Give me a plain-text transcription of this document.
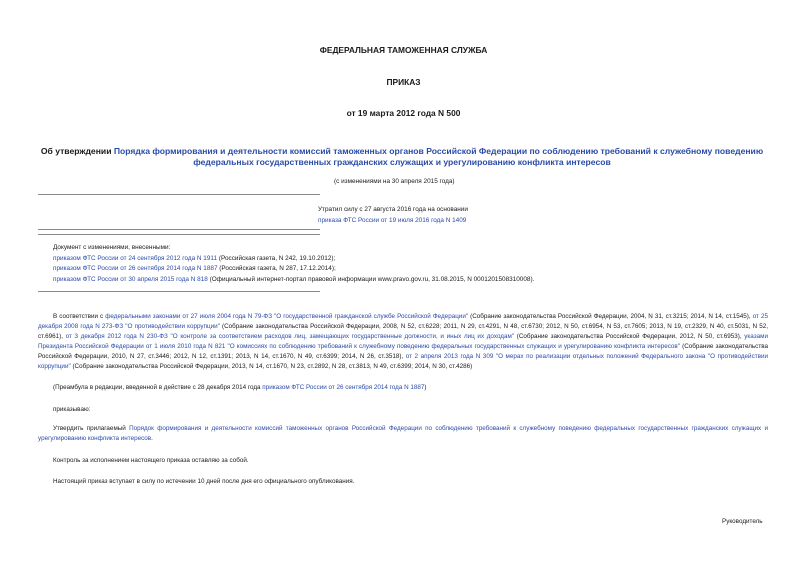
ФЕДЕРАЛЬНАЯ ТАМОЖЕННАЯ СЛУЖБА
ПРИКАЗ
от 19 марта 2012 года N 500
Об утверждении Порядка формирования и деятельности комиссий таможенных органов Российской Федерации по соблюдению требований к служебному поведению федеральных государственных гражданских служащих и урегулированию конфликта интересов
(с изменениями на 30 апреля 2015 года)
Утратил силу с 27 августа 2016 года на основании
приказа ФТС России от 19 июля 2016 года N 1409
Документ с изменениями, внесенными:
приказом ФТС России от 24 сентября 2012 года N 1911 (Российская газета, N 242, 19.10.2012);
приказом ФТС России от 26 сентября 2014 года N 1887 (Российская газета, N 287, 17.12.2014);
приказом ФТС России от 30 апреля 2015 года N 818 (Официальный интернет-портал правовой информации www.pravo.gov.ru, 31.08.2015, N 0001201508310008).

В соответствии с федеральными законами от 27 июля 2004 года N 79-ФЗ "О государственной гражданской службе Российской Федерации" (Собрание законодательства Российской Федерации, 2004, N 31, ст.3215; 2014, N 14, ст.1545), от 25 декабря 2008 года N 273-ФЗ "О противодействии коррупции" (Собрание законодательства Российской Федерации, 2008, N 52, ст.6228; 2011, N 29, ст.4291, N 48, ст.6730; 2012, N 50, ст.6954, N 53, ст.7605; 2013, N 19, ст.2329, N 40, ст.5031, N 52, ст.6961), от 3 декабря 2012 года N 230-ФЗ "О контроле за соответствием расходов лиц, замещающих государственные должности, и иных лиц их доходам" (Собрание законодательства Российской Федерации, 2012, N 50, ст.6953), указами Президента Российской Федерации от 1 июля 2010 года N 821 "О комиссиях по соблюдению требований к служебному поведению федеральных государственных служащих и урегулированию конфликта интересов" (Собрание законодательства Российской Федерации, 2010, N 27, ст.3446; 2012, N 12, ст.1391; 2013, N 14, ст.1670, N 49, ст.6399; 2014, N 26, ст.3518), от 2 апреля 2013 года N 309 "О мерах по реализации отдельных положений Федерального закона "О противодействии коррупции" (Собрание законодательства Российской Федерации, 2013, N 14, ст.1670, N 23, ст.2892, N 28, ст.3813, N 49, ст.6399; 2014, N 30, ст.4286)

(Преамбула в редакции, введенной в действие с 28 декабря 2014 года приказом ФТС России от 26 сентября 2014 года N 1887)

приказываю:

Утвердить прилагаемый Порядок формирования и деятельности комиссий таможенных органов Российской Федерации по соблюдению требований к служебному поведению федеральных государственных гражданских служащих и урегулированию конфликта интересов.

Контроль за исполнением настоящего приказа оставляю за собой.

Настоящий приказ вступает в силу по истечении 10 дней после дня его официального опубликования.

Руководитель
